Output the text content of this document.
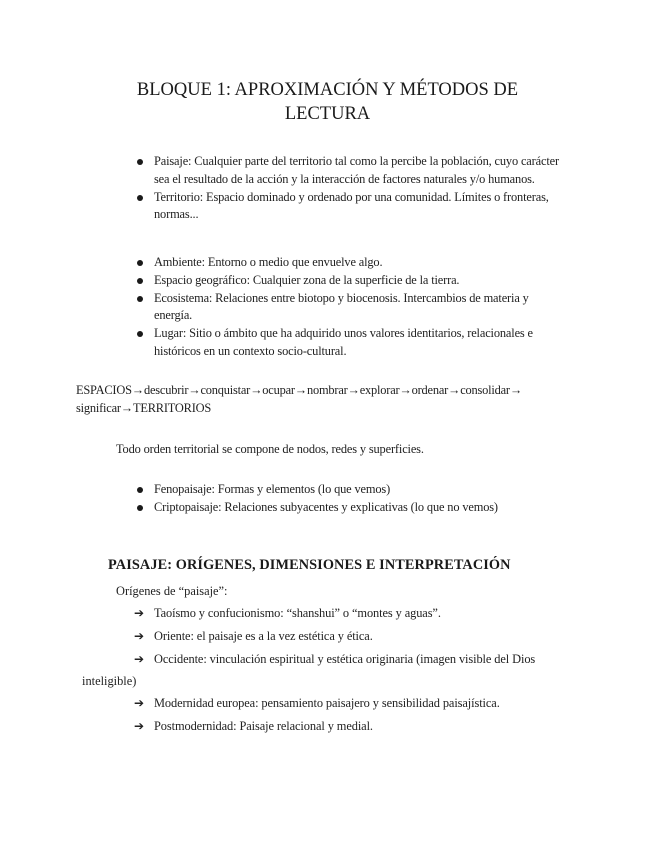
BLOQUE 1: APROXIMACIÓN Y MÉTODOS DE
LECTURA
Paisaje: Cualquier parte del territorio tal como la percibe la población, cuyo carácter sea el resultado de la acción y la interacción de factores naturales y/o humanos.
Territorio: Espacio dominado y ordenado por una comunidad. Límites o fronteras, normas...
Ambiente: Entorno o medio que envuelve algo.
Espacio geográfico: Cualquier zona de la superficie de la tierra.
Ecosistema: Relaciones entre biotopo y biocenosis. Intercambios de materia y energía.
Lugar: Sitio o ámbito que ha adquirido unos valores identitarios, relacionales e históricos en un contexto socio-cultural.

ESPACIOS→descubrir→conquistar→ocupar→nombrar→explorar→ordenar→consolidar→ significar→TERRITORIOS

Todo orden territorial se compone de nodos, redes y superficies.

Fenopaisaje: Formas y elementos (lo que vemos)
Criptopaisaje: Relaciones subyacentes y explicativas (lo que no vemos)
PAISAJE: ORÍGENES, DIMENSIONES E INTERPRETACIÓN

Orígenes de “paisaje”:

➔ Taoísmo y confucionismo: “shanshui” o “montes y aguas”.

➔ Oriente: el paisaje es a la vez estética y ética.

➔ Occidente: vinculación espiritual y estética originaria (imagen visible del Dios

inteligible)

➔ Modernidad europea: pensamiento paisajero y sensibilidad paisajística.

➔ Postmodernidad: Paisaje relacional y medial.
